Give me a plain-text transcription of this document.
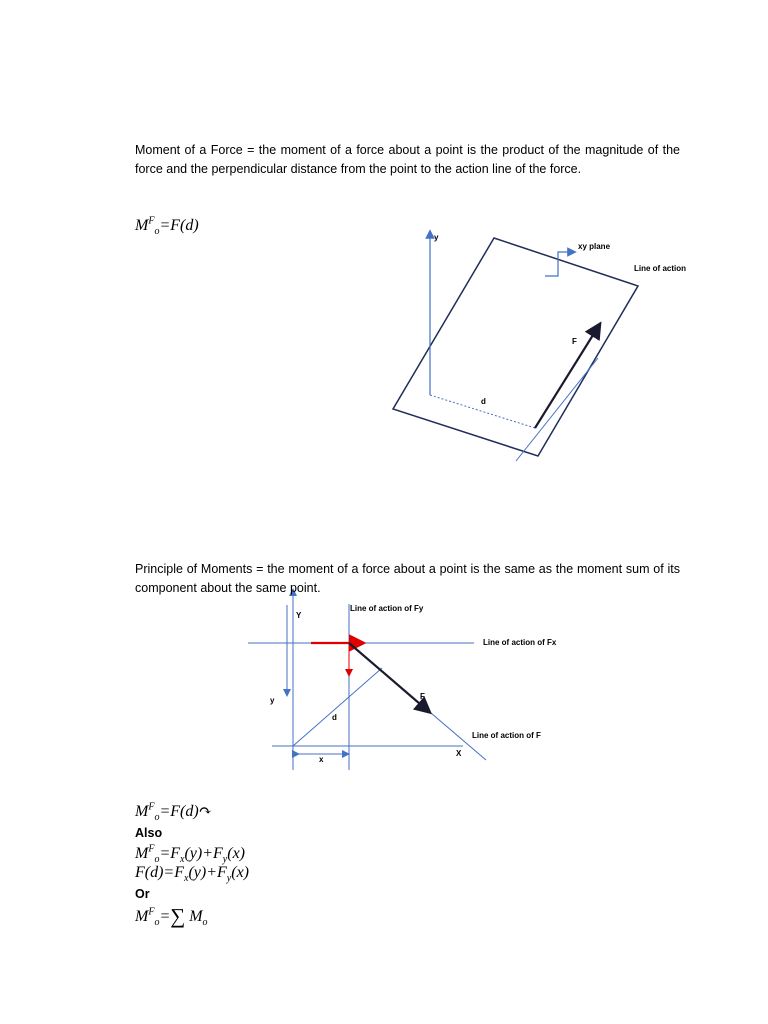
Moment of a Force = the moment of a force about a point is the product of the magnitude of the force and the perpendicular distance from the point to the action line of the force.
$M^F_o=F(d)$
y
d
F
xy plane
Line of action
X
Y
y
Line of action of Fy
Line of action of Fx
Line of action of F
d
F
x
Principle of Moments = the moment of a force about a point is the same as the moment sum of its component about the same point.
$M^F_o=F(d)↷$
Also
$M^F_o=F_x(y)+F_y(x)$
$F(d)=F_x(y)+F_y(x)$
Or
$M^F_o=\sum$ $M_o$
